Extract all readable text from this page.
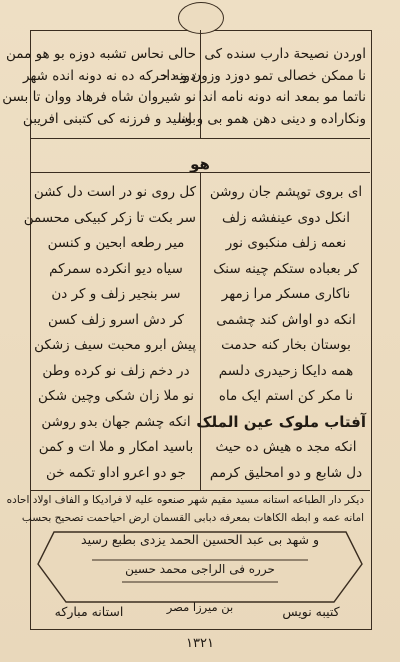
اوردن نصیحة دارب سنده كی
نا ممکن خصالی تمو دوزد وزون و داد
ناتما مو بمعد انه دونه نامه اندا
ونکاراده و دینی دهن همو بی و ونا
حالی نحاس تشبه دوزه بو هو ممن
دونه حرکه ده نه دونه انده شهر
نو شیروان شاه فرهاد ووان تا بسن
باسید و فرزنه کی کتبنی افریبن
هو
ای بروی توپشم جان روشن
انکل دوی عینفشه زلف
نعمه زلف منکبوی نور
کر بعباده ستکم چینه سنک
ناکاری مسکر مرا زمهر
انکه دو اواش کند چشمی
بوستان بخار کنه حدمت
همه دایکا زحیدری دلسم
نا مکر کن استم ایک ماه
آفتاب ملوک عین الملک
انکه مجد ه هیش ده حیث
دل شابع و دو امحلیق کرمم
کل روی نو در است دل کشن
سر بکت تا زکر کبیکی محسمن
میر رطعه ابحین و کنسن
سیاه دیو انکرده سمرکم
سر بنجیر زلف و کر دن
کر دش اسرو زلف کسن
پیش ابرو محبت سیف زشکن
در دخم زلف نو کرده وطن
نو ملا زان شکی وچین شکن
انکه چشم جهان بدو روشن
باسید امکار و ملا ات و کمن
جو دو اعرو اداو تکمه خن
دیکر دار الطباعه استانه مسید مقیم شهر صنعوه علیه لا فرادیکا و الفاف اولاد احاده
امانه عمه و ابطه الکاهات بمعرفه دبابی القسمان ارض احیاحمت تصحیح بحسب
و شهد بی عبد الحسین الحمد یزدی بطبع رسید
حرره فی الراجی محمد حسین
استانه مبارکه	بن میرزا مصر	کتیبه نویس
١٣٢١
